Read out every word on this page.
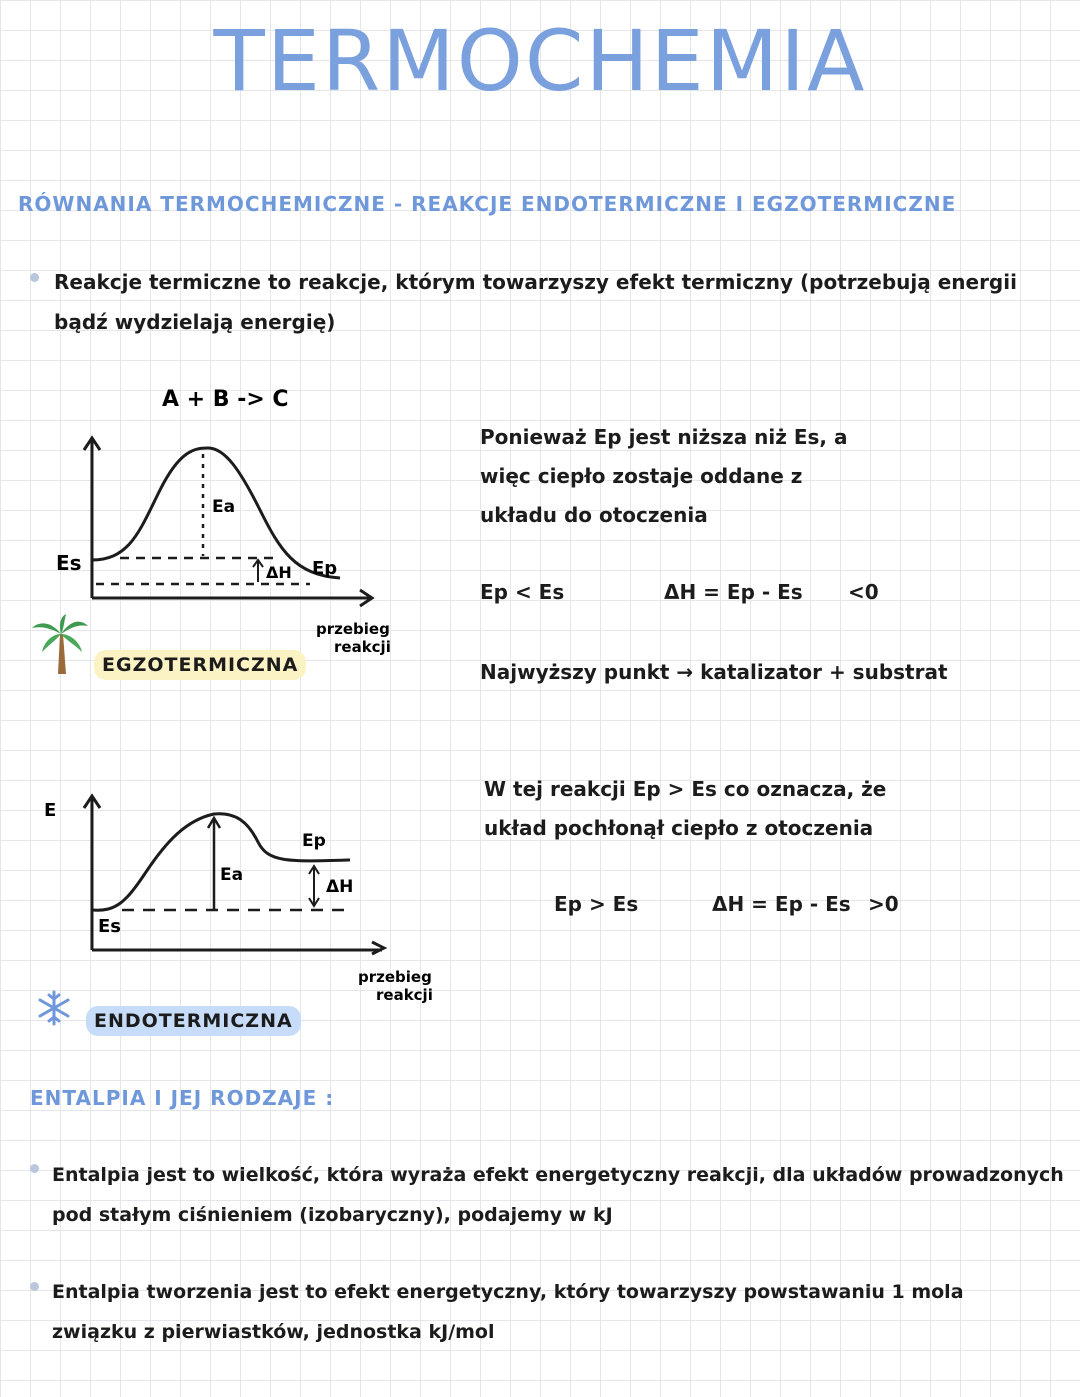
TERMOCHEMIA
RÓWNANIA TERMOCHEMICZNE - REAKCJE ENDOTERMICZNE I EGZOTERMICZNE
Reakcje termiczne to reakcje, którym towarzyszy efekt termiczny (potrzebują energii
bądź wydzielają energię)
A + B -> C
Ea
Es	ΔH Ep
przebieg
reakcji
EGZOTERMICZNA
Ponieważ Ep jest niższa niż Es, a
więc ciepło zostaje oddane z
układu do otoczenia
Ep < Es	ΔH = Ep - Es <0
Najwyższy punkt → katalizator + substrat
E
Ea
Ep
ΔH
Es
przebieg
reakcji
ENDOTERMICZNA
W tej reakcji Ep > Es co oznacza, że
układ pochłonął ciepło z otoczenia
Ep > Es	ΔH = Ep - Es >0
ENTALPIA I JEJ RODZAJE :
Entalpia jest to wielkość, która wyraża efekt energetyczny reakcji, dla układów prowadzonych
pod stałym ciśnieniem (izobaryczny), podajemy w kJ
Entalpia tworzenia jest to efekt energetyczny, który towarzyszy powstawaniu 1 mola
związku z pierwiastków, jednostka kJ/mol
